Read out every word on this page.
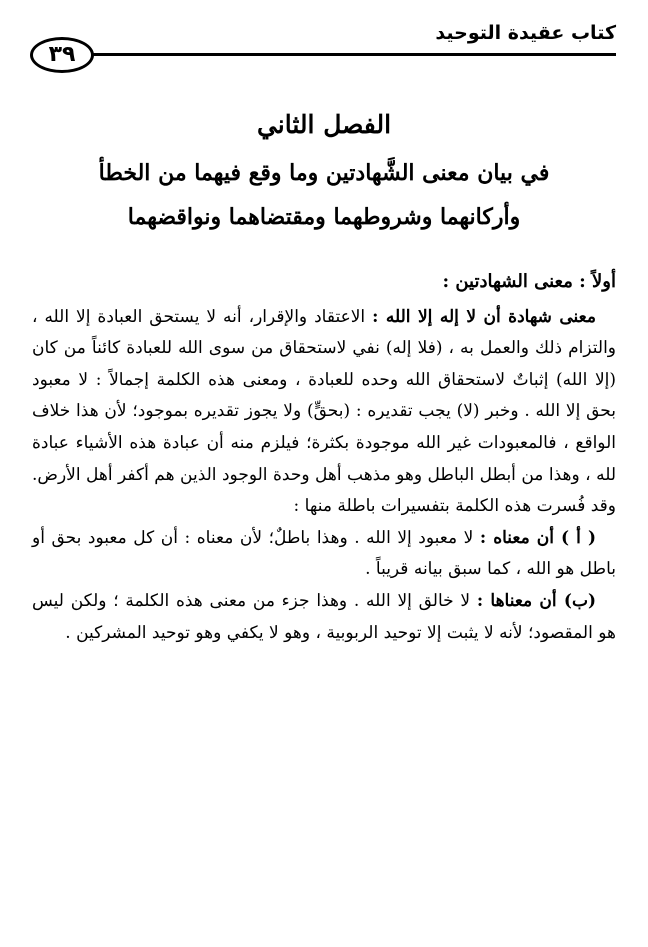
كتاب عقيدة التوحيد
٣٩
الفصل الثاني
في بيان معنى الشَّهادتين وما وقع فيهما من الخطأ
وأركانهما وشروطهما ومقتضاهما ونواقضهما

أولاً : معنى الشهادتين :

معنى شهادة أن لا إله إلا الله : الاعتقاد والإقرار، أنه لا يستحق العبادة إلا الله ، والتزام ذلك والعمل به ، (فلا إله) نفي لاستحقاق من سوى الله للعبادة كائناً من كان (إلا الله) إثباتٌ لاستحقاق الله وحده للعبادة ، ومعنى هذه الكلمة إجمالاً : لا معبود بحق إلا الله . وخبر (لا) يجب تقديره : (بحقٍّ) ولا يجوز تقديره بموجود؛ لأن هذا خلاف الواقع ، فالمعبودات غير الله موجودة بكثرة؛ فيلزم منه أن عبادة هذه الأشياء عبادة لله ، وهذا من أبطل الباطل وهو مذهب أهل وحدة الوجود الذين هم أكفر أهل الأرض. وقد فُسرت هذه الكلمة بتفسيرات باطلة منها :

( أ ) أن معناه : لا معبود إلا الله . وهذا باطلٌ؛ لأن معناه : أن كل معبود بحق أو باطل هو الله ، كما سبق بيانه قريباً .

(ب) أن معناها : لا خالق إلا الله . وهذا جزء من معنى هذه الكلمة ؛ ولكن ليس هو المقصود؛ لأنه لا يثبت إلا توحيد الربوبية ، وهو لا يكفي وهو توحيد المشركين .
